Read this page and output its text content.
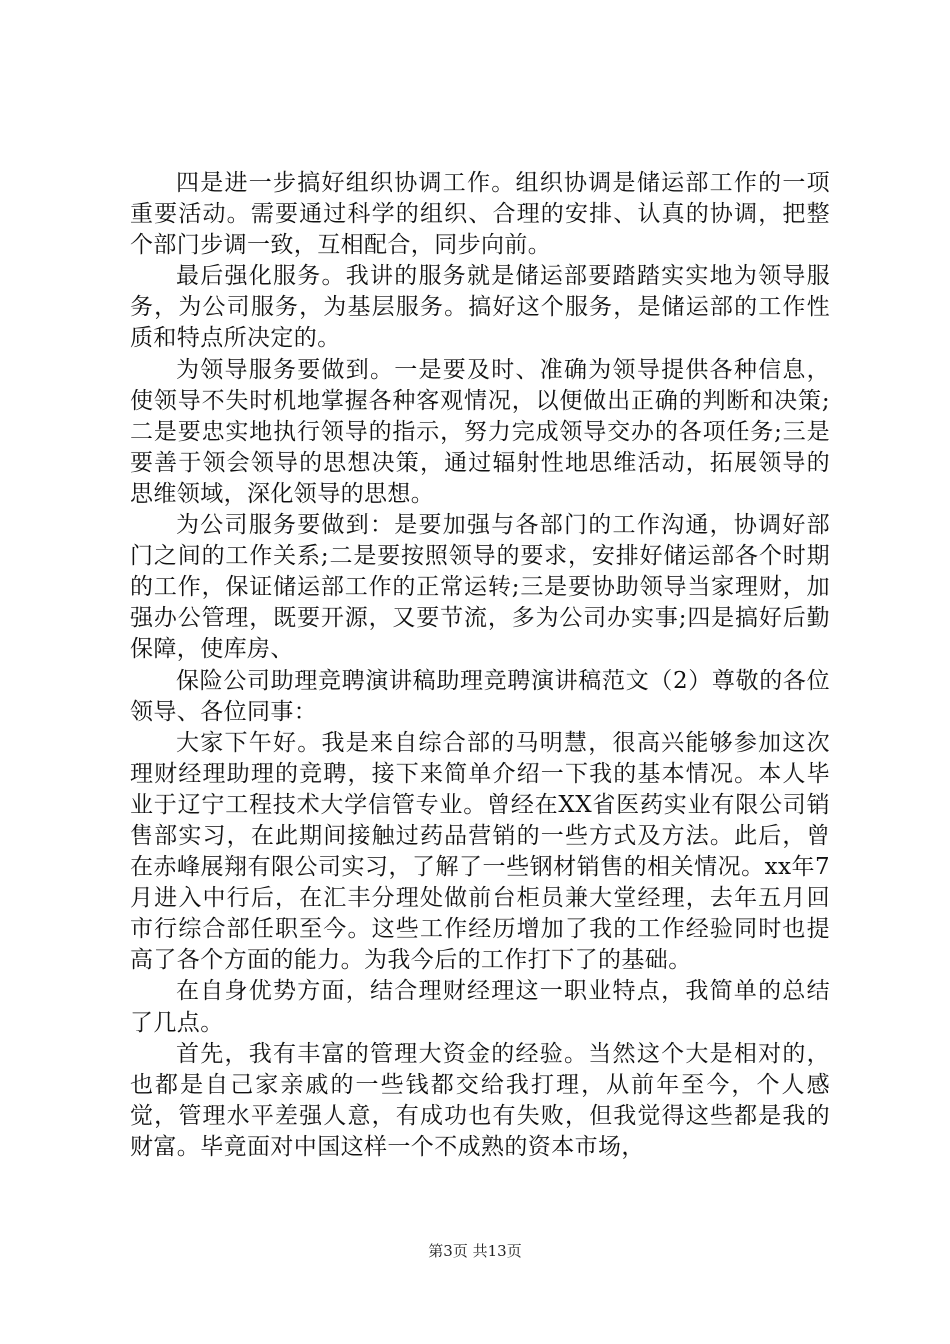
四是进一步搞好组织协调工作。组织协调是储运部工作的一项重要活动。需要通过科学的组织、合理的安排、认真的协调，把整个部门步调一致，互相配合，同步向前。

最后强化服务。我讲的服务就是储运部要踏踏实实地为领导服务，为公司服务，为基层服务。搞好这个服务，是储运部的工作性质和特点所决定的。

为领导服务要做到。一是要及时、准确为领导提供各种信息，使领导不失时机地掌握各种客观情况，以便做出正确的判断和决策;二是要忠实地执行领导的指示，努力完成领导交办的各项任务;三是要善于领会领导的思想决策，通过辐射性地思维活动，拓展领导的思维领域，深化领导的思想。

为公司服务要做到：是要加强与各部门的工作沟通，协调好部门之间的工作关系;二是要按照领导的要求，安排好储运部各个时期的工作，保证储运部工作的正常运转;三是要协助领导当家理财，加强办公管理，既要开源，又要节流，多为公司办实事;四是搞好后勤保障，使库房、

保险公司助理竞聘演讲稿助理竞聘演讲稿范文（2）尊敬的各位领导、各位同事：

大家下午好。我是来自综合部的马明慧，很高兴能够参加这次理财经理助理的竞聘，接下来简单介绍一下我的基本情况。本人毕业于辽宁工程技术大学信管专业。曾经在XX省医药实业有限公司销售部实习，在此期间接触过药品营销的一些方式及方法。此后，曾在赤峰展翔有限公司实习，了解了一些钢材销售的相关情况。xx年7月进入中行后，在汇丰分理处做前台柜员兼大堂经理，去年五月回市行综合部任职至今。这些工作经历增加了我的工作经验同时也提高了各个方面的能力。为我今后的工作打下了的基础。

在自身优势方面，结合理财经理这一职业特点，我简单的总结了几点。

首先，我有丰富的管理大资金的经验。当然这个大是相对的，也都是自己家亲戚的一些钱都交给我打理，从前年至今，个人感觉，管理水平差强人意，有成功也有失败，但我觉得这些都是我的财富。毕竟面对中国这样一个不成熟的资本市场，

第3页 共13页
